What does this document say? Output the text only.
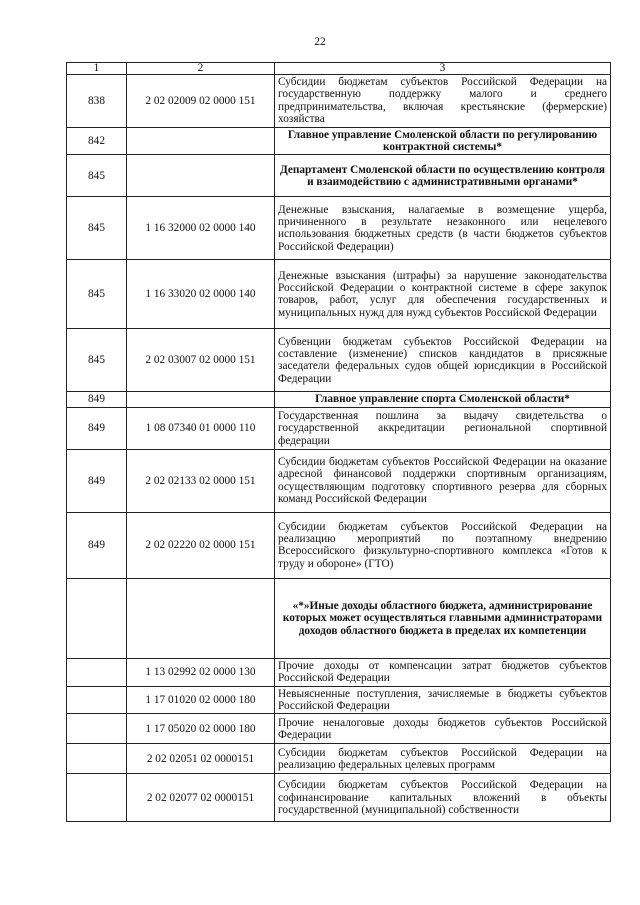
22
1	2	3
838	2 02 02009 02 0000 151	Субсидии бюджетам субъектов Российской Федерации на государственную поддержку малого и среднего предпринимательства, включая крестьянские (фермерские) хозяйства
842		Главное управление Смоленской области по регулированию контрактной системы*
845		Департамент Смоленской области по осуществлению контроля и взаимодействию с административными органами*
845	1 16 32000 02 0000 140	Денежные взыскания, налагаемые в возмещение ущерба, причиненного в результате незаконного или нецелевого использования бюджетных средств (в части бюджетов субъектов Российской Федерации)
845	1 16 33020 02 0000 140	Денежные взыскания (штрафы) за нарушение законодательства Российской Федерации о контрактной системе в сфере закупок товаров, работ, услуг для обеспечения государственных и муниципальных нужд для нужд субъектов Российской Федерации
845	2 02 03007 02 0000 151	Субвенции бюджетам субъектов Российской Федерации на составление (изменение) списков кандидатов в присяжные заседатели федеральных судов общей юрисдикции в Российской Федерации
849		Главное управление спорта Смоленской области*
849	1 08 07340 01 0000 110	Государственная пошлина за выдачу свидетельства о государственной аккредитации региональной спортивной федерации
849	2 02 02133 02 0000 151	Субсидии бюджетам субъектов Российской Федерации на оказание адресной финансовой поддержки спортивным организациям, осуществляющим подготовку спортивного резерва для сборных команд Российской Федерации
849	2 02 02220 02 0000 151	Субсидии бюджетам субъектов Российской Федерации на реализацию мероприятий по поэтапному внедрению Всероссийского физкультурно-спортивного комплекса «Готов к труду и обороне» (ГТО)
		«*»Иные доходы областного бюджета, администрирование которых может осуществляться главными администраторами доходов областного бюджета в пределах их компетенции
	1 13 02992 02 0000 130	Прочие доходы от компенсации затрат бюджетов субъектов Российской Федерации
	1 17 01020 02 0000 180	Невыясненные поступления, зачисляемые в бюджеты субъектов Российской Федерации
	1 17 05020 02 0000 180	Прочие неналоговые доходы бюджетов субъектов Российской Федерации
	2 02 02051 02 0000151	Субсидии бюджетам субъектов Российской Федерации на реализацию федеральных целевых программ
	2 02 02077 02 0000151	Субсидии бюджетам субъектов Российской Федерации на софинансирование капитальных вложений в объекты государственной (муниципальной) собственности
